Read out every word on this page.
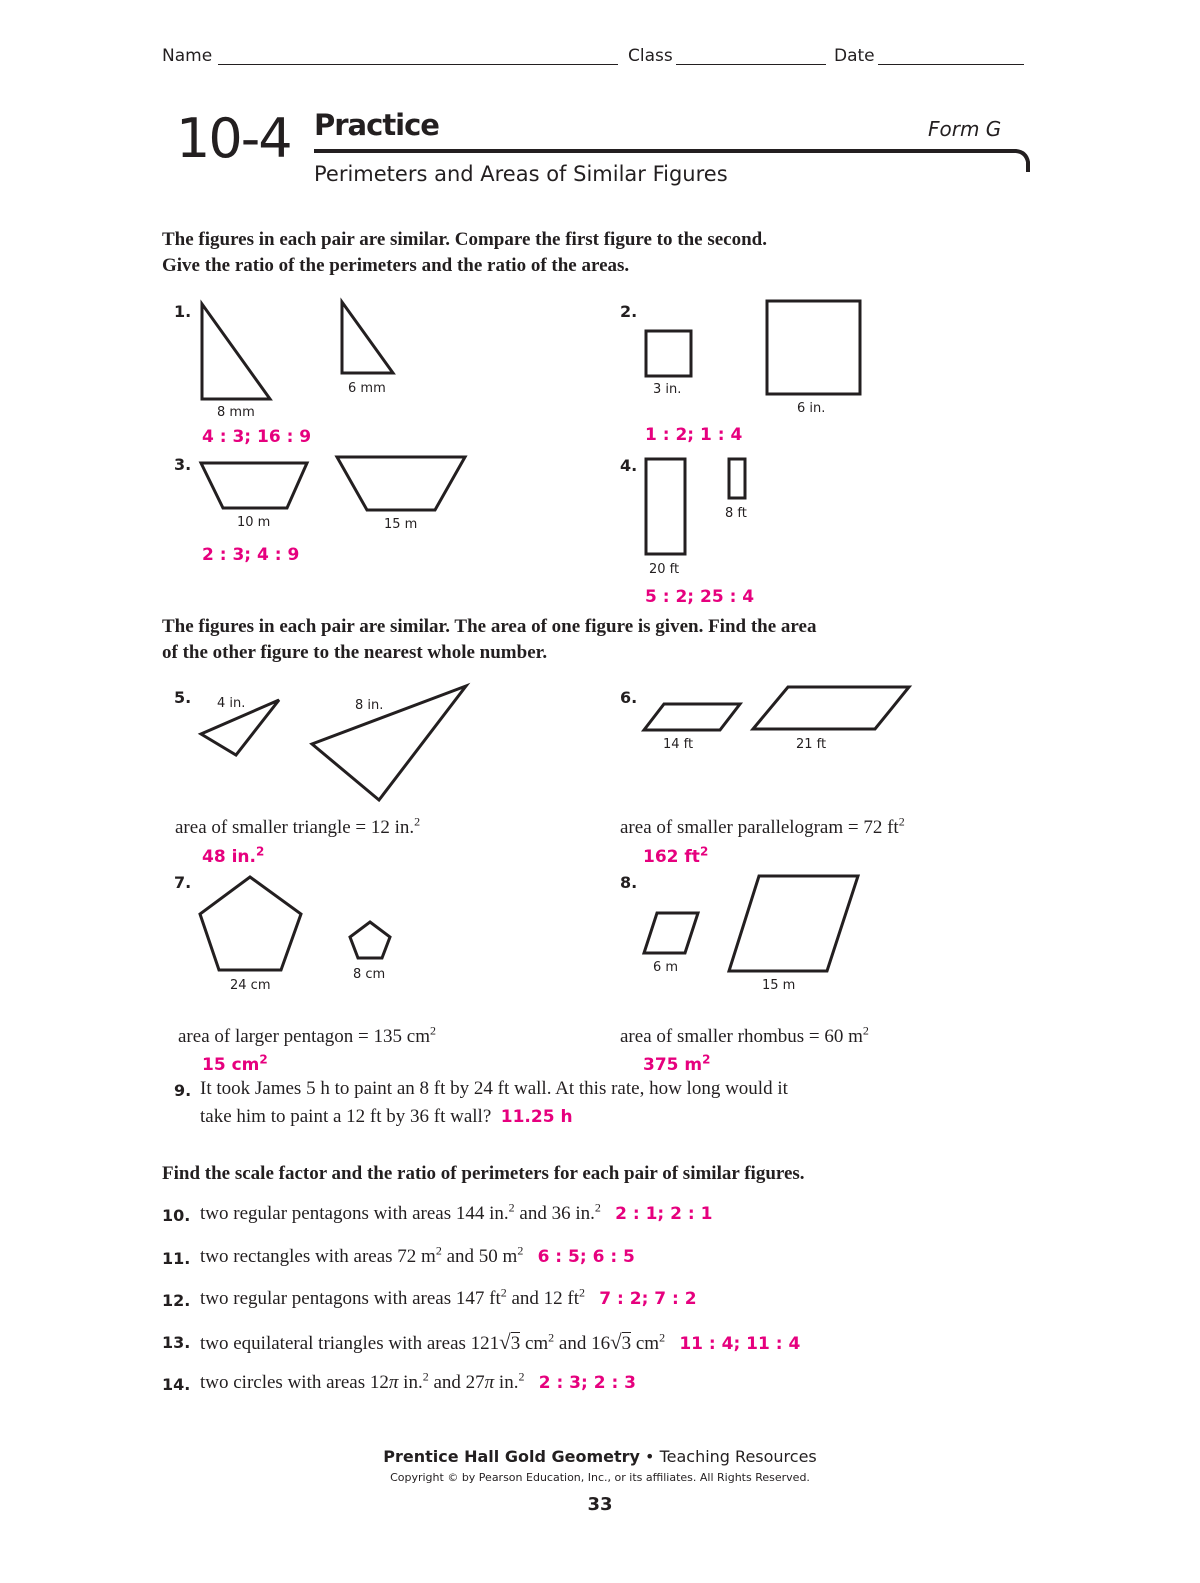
Name	Class	Date
10-4 Practice	Form G
Perimeters and Areas of Similar Figures
The figures in each pair are similar. Compare the first figure to the second.
Give the ratio of the perimeters and the ratio of the areas.
1.
8 mm
6 mm
4 : 3; 16 : 9
2.
3 in.
6 in.
1 : 2; 1 : 4
3.
10 m	15 m
2 : 3; 4 : 9
4.
8 ft
20 ft
5 : 2; 25 : 4
The figures in each pair are similar. The area of one figure is given. Find the area
of the other figure to the nearest whole number.
5. 4 in.	8 in.
area of smaller triangle = 12 in.$^2$
48 in.$^2$
6.
14 ft	21 ft
area of smaller parallelogram = 72 $ft^2$
162 $ft^2$
7.
24 cm
8 cm
area of larger pentagon = 135 $cm^2$
15 $cm^2$
8.
6 m
15 m
area of smaller rhombus = 60 $m^2$
375 $m^2$
9. It took James 5 h to paint an 8 ft by 24 ft wall. At this rate, how long would it
take him to paint a 12 ft by 36 ft wall? 11.25 h
Find the scale factor and the ratio of perimeters for each pair of similar figures.
10. two regular pentagons with areas 144 in.$^2$ and 36 in.$^2$ 2 : 1; 2 : 1
11. two rectangles with areas 72 $m^2$ and 50 $m^2$ 6 : 5; 6 : 5
12. two regular pentagons with areas 147 $ft^2$ and 12 $ft^2$ 7 : 2; 7 : 2
13. two equilateral triangles with areas 121√3 $cm^2$ and 16√3 $cm^2$ 11 : 4; 11 : 4
14. two circles with areas 12π in.$^2$ and 27π in.$^2$ 2 : 3; 2 : 3
Prentice Hall Gold Geometry • Teaching Resources
Copyright © by Pearson Education, Inc., or its affiliates. All Rights Reserved.
33
